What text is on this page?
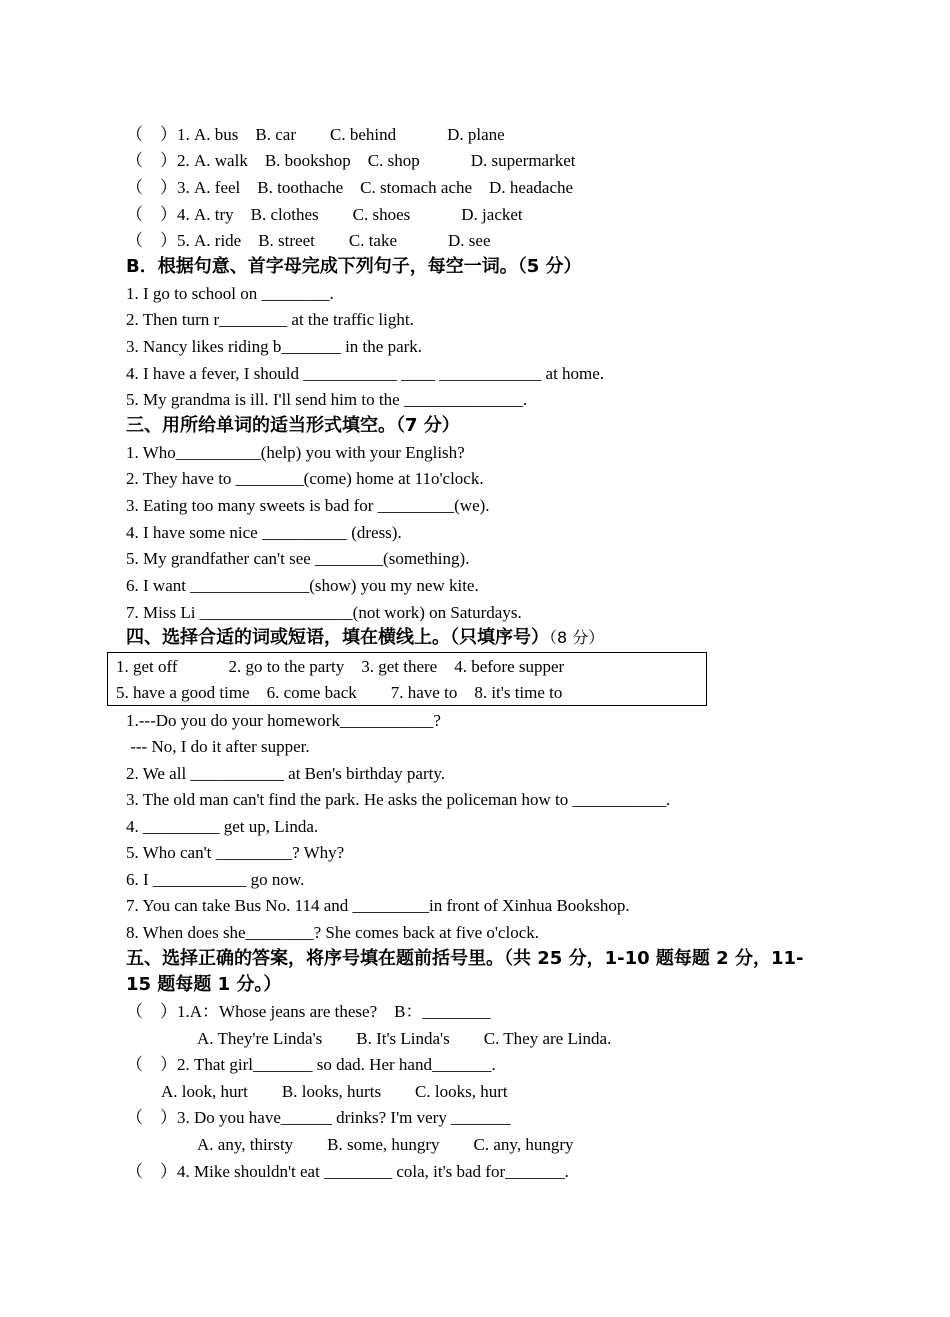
（　）1. A. bus　B. car　　C. behind　　　D. plane
（　）2. A. walk　B. bookshop　C. shop　　　D. supermarket
（　）3. A. feel　B. toothache　C. stomach ache　D. headache
（　）4. A. try　B. clothes　　C. shoes　　　D. jacket
（　）5. A. ride　B. street　　C. take　　　D. see
B．根据句意、首字母完成下列句子，每空一词。（5 分）
1. I go to school on ________.
2. Then turn r________ at the traffic light.
3. Nancy likes riding b_______ in the park.
4. I have a fever, I should ___________ ____ ____________ at home.
5. My grandma is ill. I'll send him to the ______________.
三、用所给单词的适当形式填空。（7 分）
1. Who__________(help) you with your English?
2. They have to ________(come) home at 11o'clock.
3. Eating too many sweets is bad for _________(we).
4. I have some nice __________ (dress).
5. My grandfather can't see ________(something).
6. I want ______________(show) you my new kite.
7. Miss Li __________________(not work) on Saturdays.
四、选择合适的词或短语，填在横线上。（只填序号）（8 分）
1. get off　　　2. go to the party　3. get there　4. before supper
5. have a good time　6. come back　　7. have to　8. it's time to
1.---Do you do your homework___________?
--- No, I do it after supper.
2. We all ___________ at Ben's birthday party.
3. The old man can't find the park. He asks the policeman how to ___________.
4. _________ get up, Linda.
5. Who can't _________? Why?
6. I ___________ go now.
7. You can take Bus No. 114 and _________in front of Xinhua Bookshop.
8. When does she________? She comes back at five o'clock.
五、选择正确的答案，将序号填在题前括号里。（共 25 分，1-10 题每题 2 分，11-
15 题每题 1 分。）
（　）1.A：Whose jeans are these?　B：________
A. They're Linda's　　B. It's Linda's　　C. They are Linda.
（　）2. That girl_______ so dad. Her hand_______.
A. look, hurt　　B. looks, hurts　　C. looks, hurt
（　）3. Do you have______ drinks? I'm very _______
A. any, thirsty　　B. some, hungry　　C. any, hungry
（　）4. Mike shouldn't eat ________ cola, it's bad for_______.
